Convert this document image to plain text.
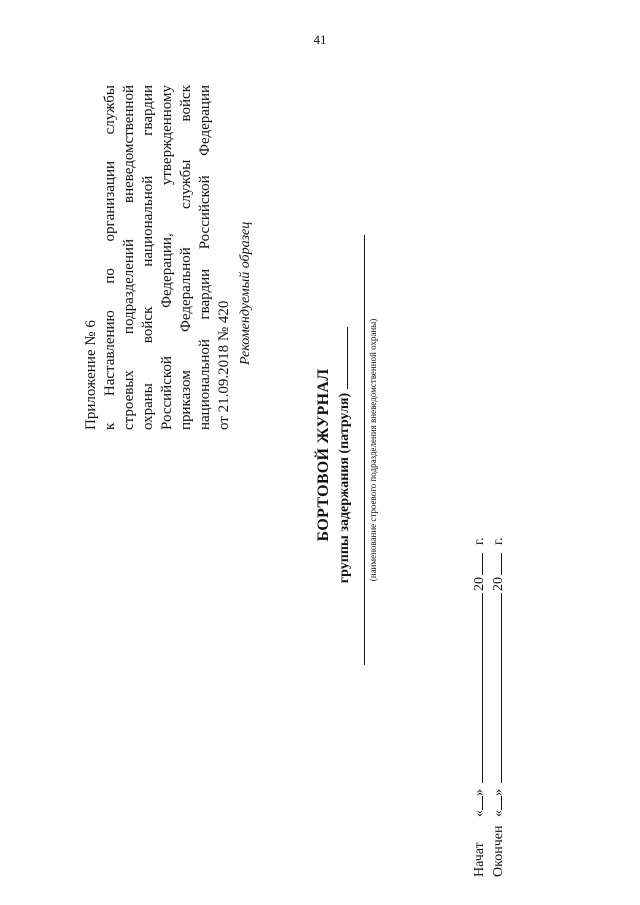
41
Приложение № 6 к Наставлению по организации службы строевых подразделений вневедомственной охраны войск национальной гвардии Российской Федерации, утвержденному приказом Федеральной службы войск национальной гвардии Российской Федерации от 21.09.2018 № 420
Рекомендуемый образец
БОРТОВОЙ ЖУРНАЛ группы задержания (патруля) (наименование строевого подразделения вневедомственной охраны)
Начат«»20г.
Окончен«»20г.
